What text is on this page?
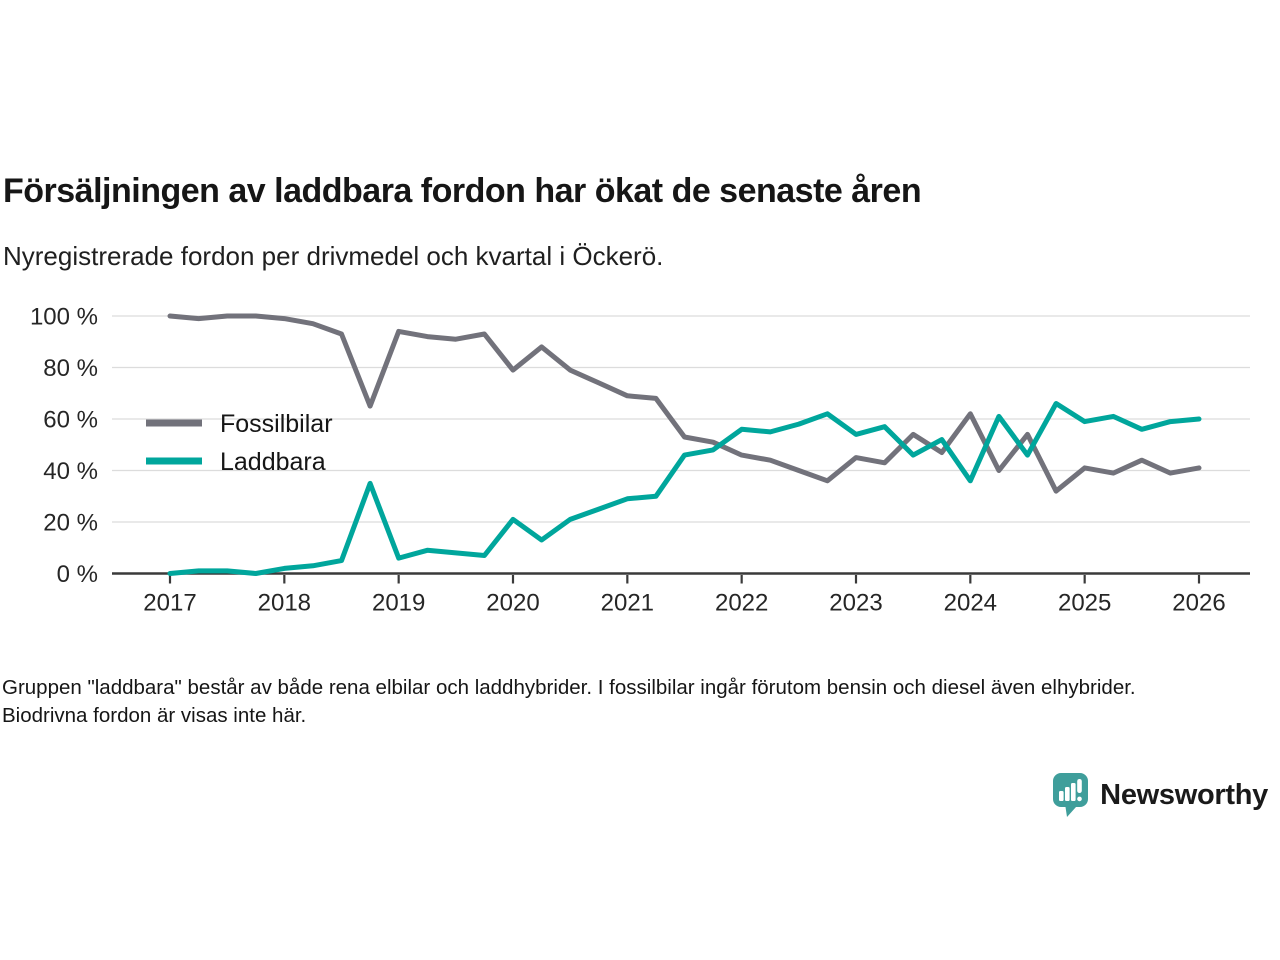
Försäljningen av laddbara fordon har ökat de senaste åren
Nyregistrerade fordon per drivmedel och kvartal i Öckerö.
100 %
80 %
60 %
40 %
20 %
0 %
2017	2018	2019	2020	2021	2022	2023	2024	2025	2026
Fossilbilar
Laddbara
Gruppen "laddbara" består av både rena elbilar och laddhybrider. I fossilbilar ingår förutom bensin och diesel även elhybrider. Biodrivna fordon är visas inte här.
Newsworthy
